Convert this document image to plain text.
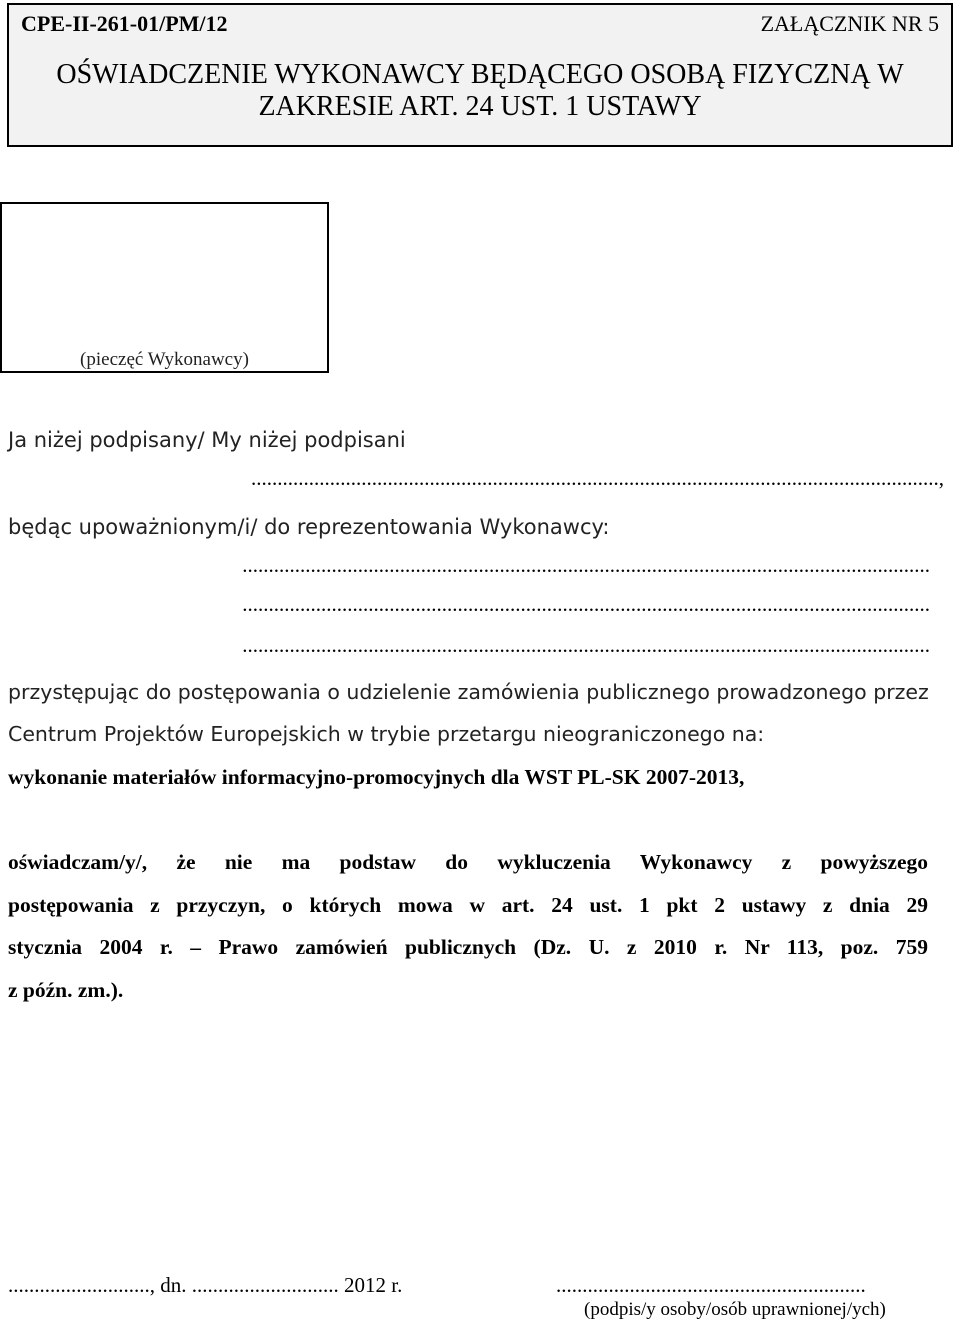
CPE-II-261-01/PM/12	ZAŁĄCZNIK NR 5
OŚWIADCZENIE WYKONAWCY BĘDĄCEGO OSOBĄ FIZYCZNĄ W
ZAKRESIE ART. 24 UST. 1 USTAWY
(pieczęć Wykonawcy)
Ja niżej podpisany/ My niżej podpisani
...................................................................................................................................,
będąc upoważnionym/i/ do reprezentowania Wykonawcy:
...................................................................................................................................
...................................................................................................................................
...................................................................................................................................
przystępując do postępowania o udzielenie zamówienia publicznego prowadzonego przez
Centrum Projektów Europejskich w trybie przetargu nieograniczonego na:
wykonanie materiałów informacyjno-promocyjnych dla WST PL-SK 2007-2013,
oświadczam/y/, że nie ma podstaw do wykluczenia Wykonawcy z powyższego
postępowania z przyczyn, o których mowa w art. 24 ust. 1 pkt 2 ustawy z dnia 29
stycznia 2004 r. – Prawo zamówień publicznych (Dz. U. z 2010 r. Nr 113, poz. 759
z późn. zm.).
..........................., dn. ............................ 2012 r.	...........................................................
(podpis/y osoby/osób uprawnionej/ych)
